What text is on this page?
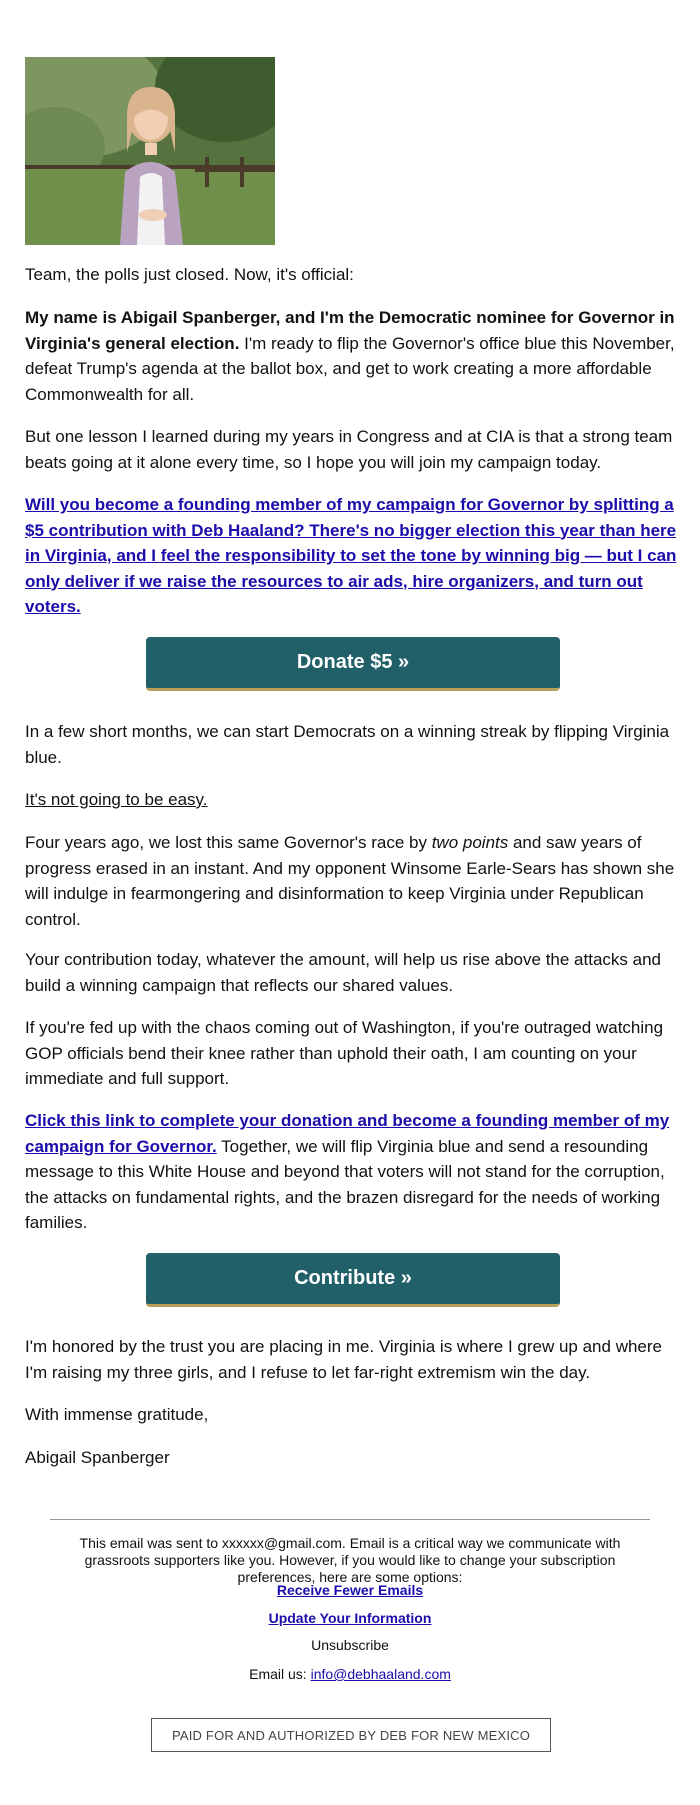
Team, the polls just closed. Now, it's official:

My name is Abigail Spanberger, and I'm the Democratic nominee for Governor in Virginia's general election. I'm ready to flip the Governor's office blue this November, defeat Trump's agenda at the ballot box, and get to work creating a more affordable Commonwealth for all.

But one lesson I learned during my years in Congress and at CIA is that a strong team beats going at it alone every time, so I hope you will join my campaign today.

Will you become a founding member of my campaign for Governor by splitting a $5 contribution with Deb Haaland? There's no bigger election this year than here in Virginia, and I feel the responsibility to set the tone by winning big — but I can only deliver if we raise the resources to air ads, hire organizers, and turn out voters.

Donate $5 »

In a few short months, we can start Democrats on a winning streak by flipping Virginia blue.

It's not going to be easy.

Four years ago, we lost this same Governor's race by two points and saw years of progress erased in an instant. And my opponent Winsome Earle-Sears has shown she will indulge in fearmongering and disinformation to keep Virginia under Republican control.

Your contribution today, whatever the amount, will help us rise above the attacks and build a winning campaign that reflects our shared values.

If you're fed up with the chaos coming out of Washington, if you're outraged watching GOP officials bend their knee rather than uphold their oath, I am counting on your immediate and full support.

Click this link to complete your donation and become a founding member of my campaign for Governor. Together, we will flip Virginia blue and send a resounding message to this White House and beyond that voters will not stand for the corruption, the attacks on fundamental rights, and the brazen disregard for the needs of working families.

Contribute »

I'm honored by the trust you are placing in me. Virginia is where I grew up and where I'm raising my three girls, and I refuse to let far-right extremism win the day.

With immense gratitude,

Abigail Spanberger

This email was sent to xxxxxx@gmail.com. Email is a critical way we communicate with grassroots supporters like you. However, if you would like to change your subscription preferences, here are some options:
Receive Fewer Emails
Update Your Information
Unsubscribe
Email us: info@debhaaland.com
PAID FOR AND AUTHORIZED BY DEB FOR NEW MEXICO
